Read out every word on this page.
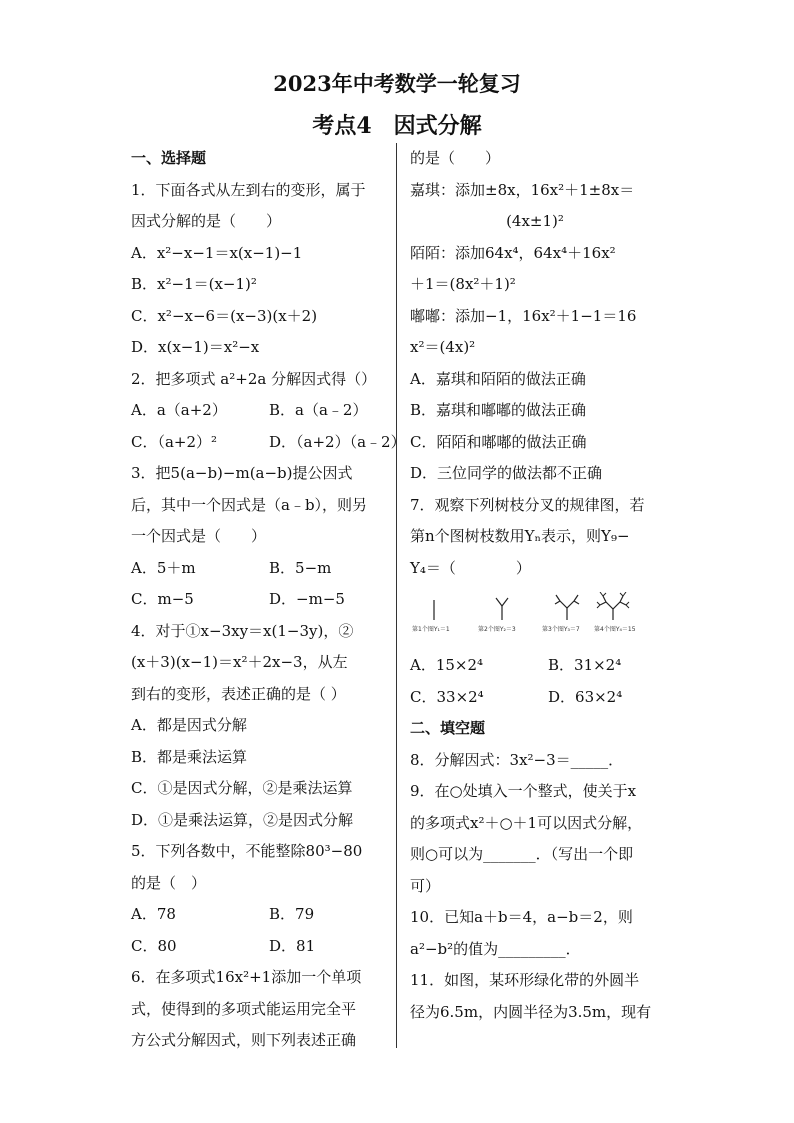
2023年中考数学一轮复习
考点4　因式分解
一、选择题
1．下面各式从左到右的变形，属于
因式分解的是（　　）
A．x²−x−1＝x(x−1)−1
B．x²−1＝(x−1)²
C．x²−x−6＝(x−3)(x＋2)
D．x(x−1)＝x²−x
2．把多项式 a²+2a 分解因式得（）
A．a（a+2）	B．a（a﹣2）
C．（a+2）²	D．（a+2）（a﹣2）
3．把5(a−b)−m(a−b)提公因式
后，其中一个因式是（a﹣b），则另
一个因式是（　　）
A．5＋m	B．5−m
C．m−5	D．−m−5
4．对于①x−3xy＝x(1−3y)，②
(x＋3)(x−1)＝x²＋2x−3，从左
到右的变形，表述正确的是（ ）
A．都是因式分解
B．都是乘法运算
C．①是因式分解，②是乘法运算
D．①是乘法运算，②是因式分解
5．下列各数中，不能整除80³−80
的是（　）
A．78	B．79
C．80	D．81
6．在多项式16x²+1添加一个单项
式，使得到的多项式能运用完全平
方公式分解因式，则下列表述正确
的是（　　）
嘉琪：添加±8x，16x²＋1±8x＝
(4x±1)²
陌陌：添加64x⁴，64x⁴＋16x²
＋1＝(8x²＋1)²
嘟嘟：添加−1，16x²＋1−1＝16
x²＝(4x)²
A．嘉琪和陌陌的做法正确
B．嘉琪和嘟嘟的做法正确
C．陌陌和嘟嘟的做法正确
D．三位同学的做法都不正确
7．观察下列树枝分叉的规律图，若
第n个图树枝数用Yₙ表示，则Y₉−
Y₄＝（　　　　）
第1个图Y₁＝1	第2个图Y₂＝3	第3个图Y₃＝7 第4个图Y₄＝15
A．15×2⁴	B．31×2⁴
C．33×2⁴	D．63×2⁴
二、填空题
8．分解因式：3x²−3＝_____．
9．在○处填入一个整式，使关于x
的多项式x²＋○＋1可以因式分解，
则○可以为_______．（写出一个即
可）
10．已知a＋b＝4，a−b＝2，则
a²−b²的值为_________．
11．如图，某环形绿化带的外圆半
径为6.5m，内圆半径为3.5m，现有
